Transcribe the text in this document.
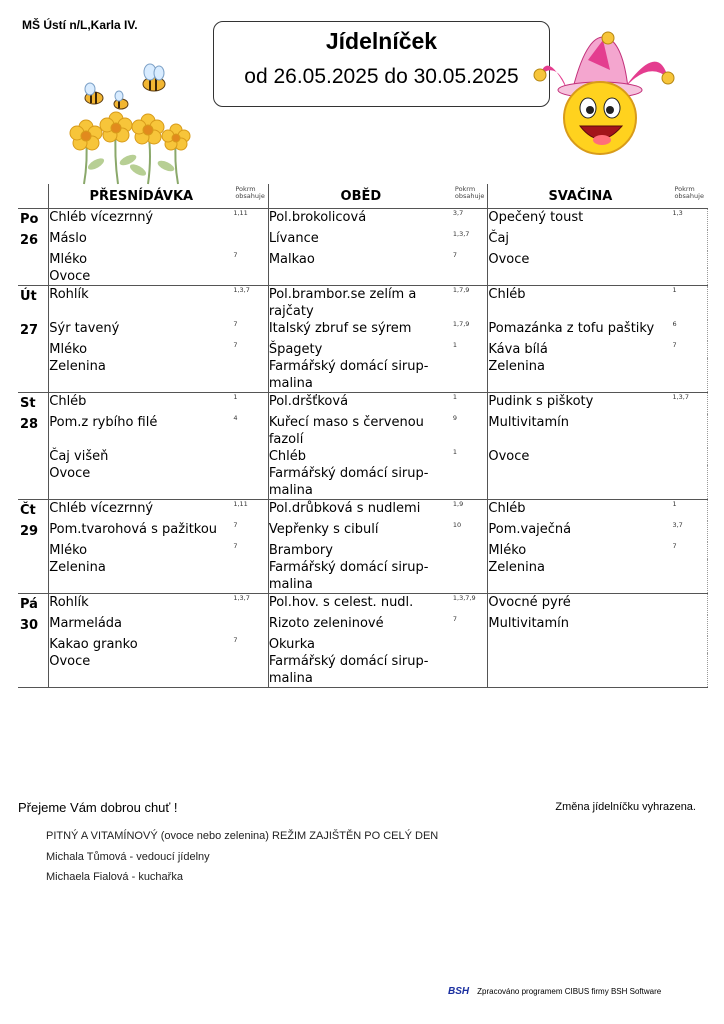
MŠ Ústí n/L,Karla IV.
Jídelníček
od 26.05.2025 do 30.05.2025
	PŘESNÍDÁVKA	Pokrm obsahuje	OBĚD	Pokrm obsahuje	SVAČINA	Pokrm obsahuje
Po	Chléb vícezrnný	1,11	Pol.brokolicová	3,7	Opečený toust	1,3
26	Máslo		Lívance	1,3,7	Čaj	
	Mléko	7	Malkao	7	Ovoce	
	Ovoce					
Út	Rohlík	1,3,7	Pol.brambor.se zelím a rajčaty	1,7,9	Chléb	1
27	Sýr tavený	7	Italský zbruf se sýrem	1,7,9	Pomazánka z tofu paštiky	6
	Mléko	7	Špagety	1	Káva bílá	7
	Zelenina		Farmářský domácí sirup-malina		Zelenina	
St	Chléb	1	Pol.dršťková	1	Pudink s piškoty	1,3,7
28	Pom.z rybího filé	4	Kuřecí maso s červenou fazolí	9	Multivitamín	
	Čaj višeň		Chléb	1	Ovoce	
	Ovoce		Farmářský domácí sirup-malina			
Čt	Chléb vícezrnný	1,11	Pol.drůbková s nudlemi	1,9	Chléb	1
29	Pom.tvarohová s pažitkou	7	Vepřenky s cibulí	10	Pom.vaječná	3,7
	Mléko	7	Brambory		Mléko	7
	Zelenina		Farmářský domácí sirup-malina		Zelenina	
Pá	Rohlík	1,3,7	Pol.hov. s celest. nudl.	1,3,7,9	Ovocné pyré	
30	Marmeláda		Rizoto zeleninové	7	Multivitamín	
	Kakao granko	7	Okurka			
	Ovoce		Farmářský domácí sirup-malina			
Přejeme Vám dobrou chuť !	Změna jídelníčku vyhrazena.
PITNÝ A VITAMÍNOVÝ (ovoce nebo zelenina) REŽIM ZAJIŠTĚN PO CELÝ DEN
Michala Tůmová - vedoucí jídelny
Michaela Fialová - kuchařka
BSH Zpracováno programem CIBUS firmy BSH Software
